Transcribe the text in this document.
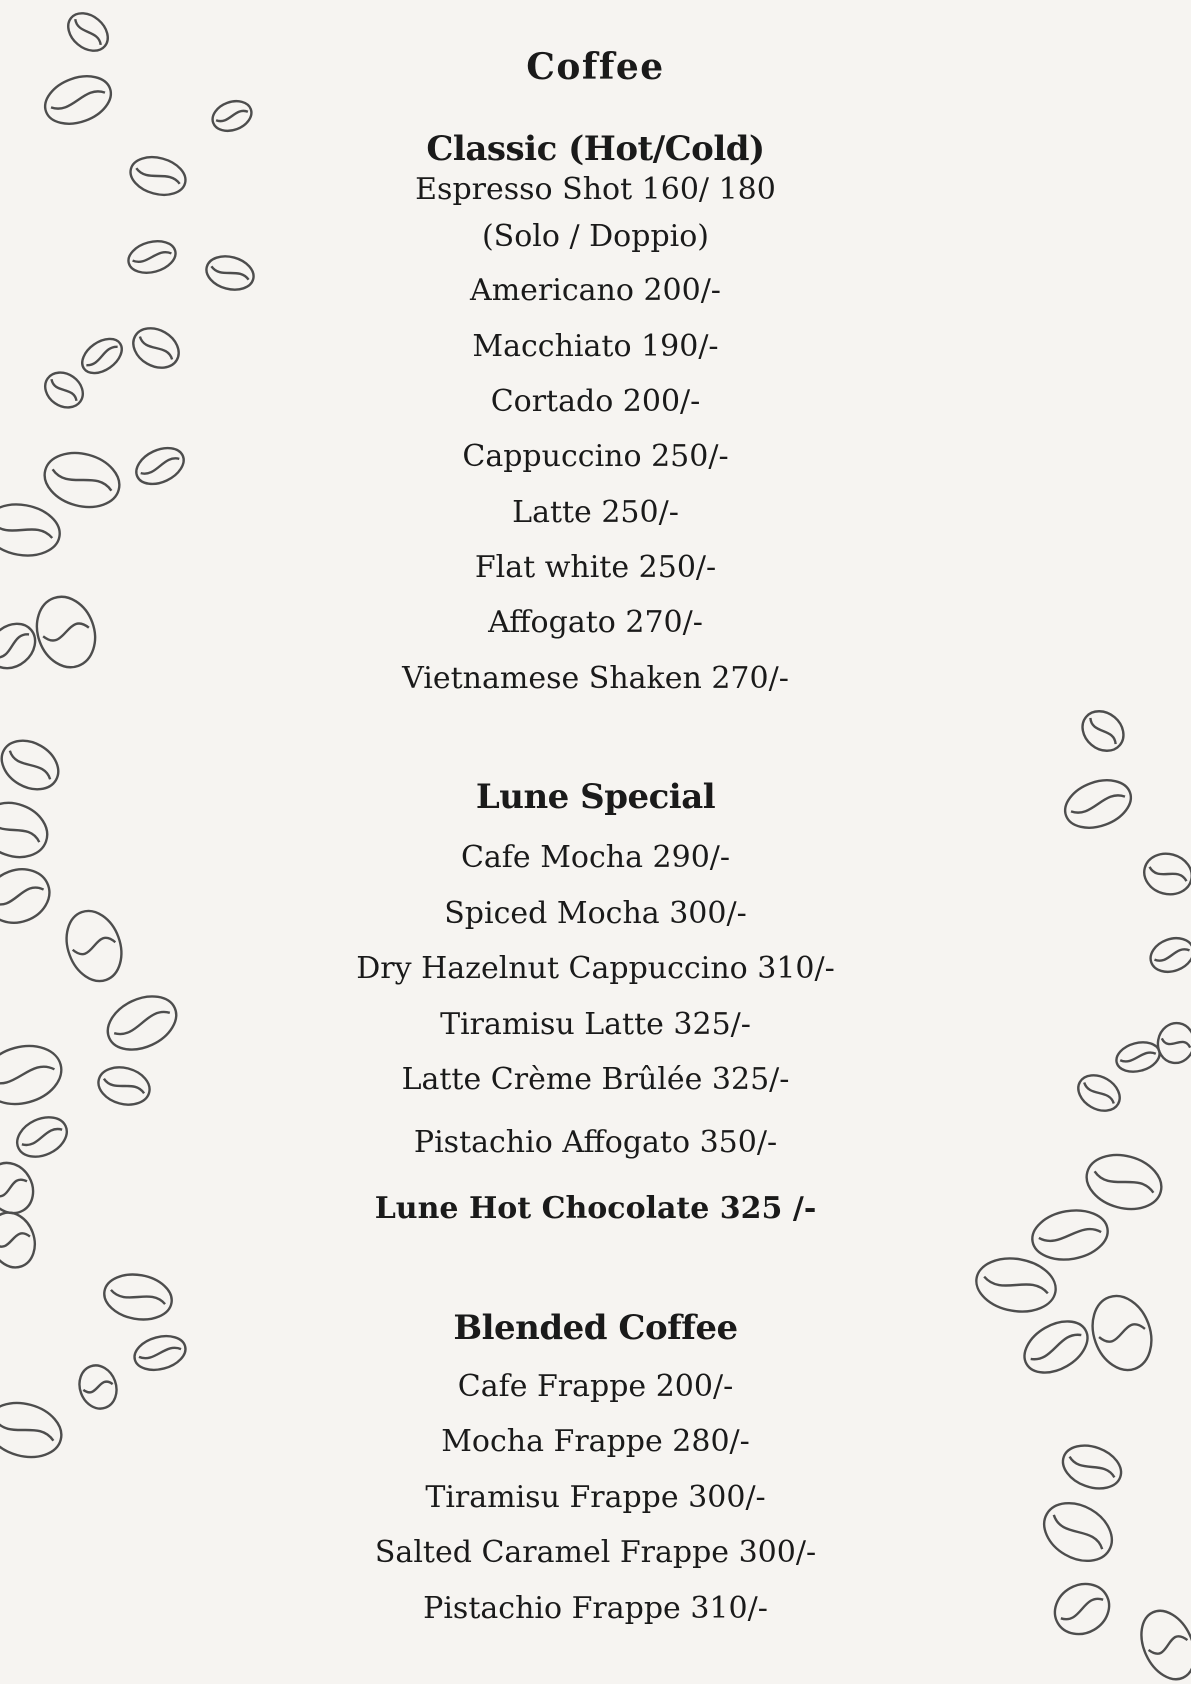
Coffee
Classic (Hot/Cold)
Espresso Shot 160/ 180
(Solo / Doppio)
Americano 200/-
Macchiato 190/-
Cortado 200/-
Cappuccino 250/-
Latte 250/-
Flat white 250/-
Affogato 270/-
Vietnamese Shaken 270/-
Lune Special
Cafe Mocha 290/-
Spiced Mocha 300/-
Dry Hazelnut Cappuccino 310/-
Tiramisu Latte 325/-
Latte Crème Brûlée 325/-
Pistachio Affogato 350/-
Lune Hot Chocolate 325 /-
Blended Coffee
Cafe Frappe 200/-
Mocha Frappe 280/-
Tiramisu Frappe 300/-
Salted Caramel Frappe 300/-
Pistachio Frappe 310/-
